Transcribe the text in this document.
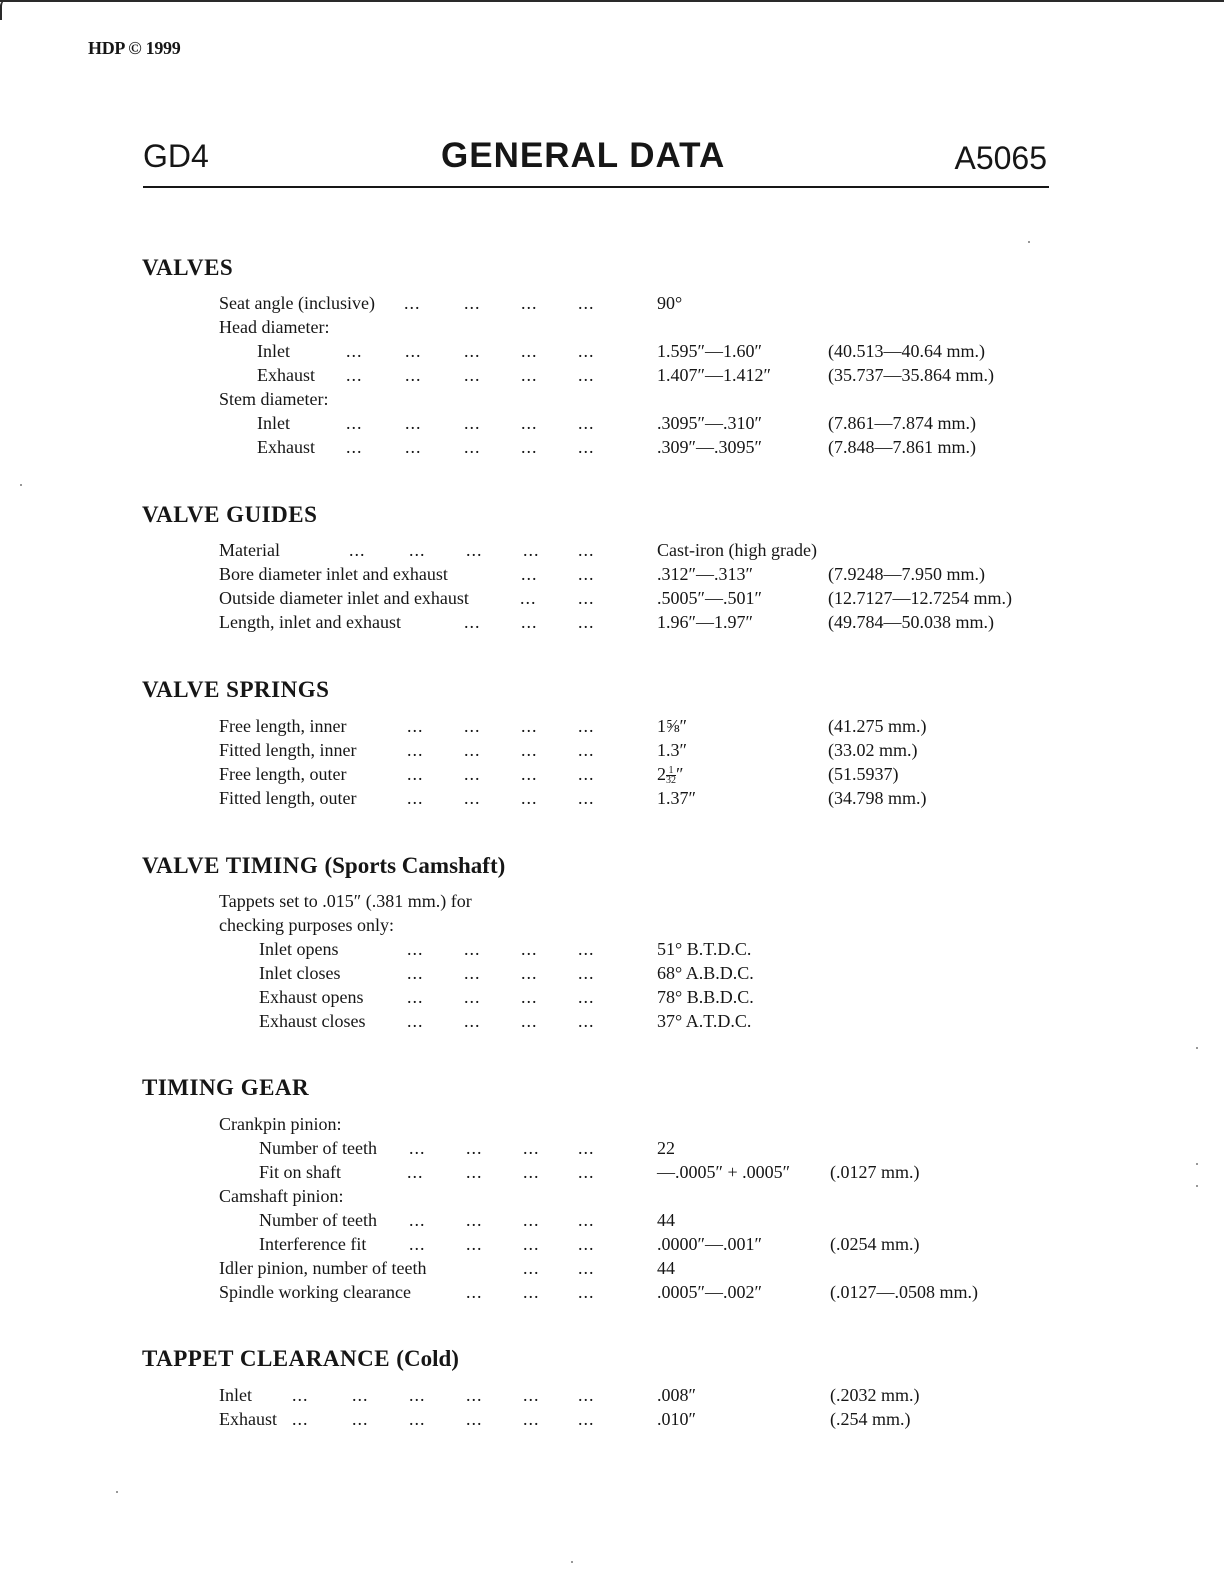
HDP © 1999
GD4	GENERAL DATA	A5065
VALVES
Seat angle (inclusive) ... ... ... ...	90°
Head diameter:
Inlet	... ... ... ... ...	1.595″—1.60″	(40.513—40.64 mm.)
Exhaust ... ... ... ... ...	1.407″—1.412″	(35.737—35.864 mm.)
Stem diameter:
Inlet	... ... ... ... ...	.3095″—.310″	(7.861—7.874 mm.)
Exhaust ... ... ... ... ...	.309″—.3095″	(7.848—7.861 mm.)
VALVE GUIDES
Material	... ... ... ... ...	Cast-iron (high grade)
Bore diameter inlet and exhaust	... ...	.312″—.313″	(7.9248—7.950 mm.)
Outside diameter inlet and exhaust	... ...	.5005″—.501″	(12.7127—12.7254 mm.)
Length, inlet and exhaust	... ... ...	1.96″—1.97″	(49.784—50.038 mm.)
VALVE SPRINGS
Free length, inner	... ... ... ...	1⅝″	(41.275 mm.)
Fitted length, inner	... ... ... ...	1.3″	(33.02 mm.)
Free length, outer	... ... ... ...	$2 \frac{1}{32}$ ″	(51.5937)
Fitted length, outer	... ... ... ...	1.37″	(34.798 mm.)
VALVE TIMING (Sports Camshaft)
Tappets set to .015″ (.381 mm.) for
checking purposes only:
Inlet opens	... ... ... ...	51° B.T.D.C.
Inlet closes	... ... ... ...	68° A.B.D.C.
Exhaust opens ... ... ... ...	78° B.B.D.C.
Exhaust closes ... ... ... ...	37° A.T.D.C.
TIMING GEAR
Crankpin pinion:
Number of teeth ... ... ... ...	22
Fit on shaft	... ... ... ...	—.0005″ + .0005″ (.0127 mm.)
Camshaft pinion:
Number of teeth ... ... ... ...	44
Interference fit ... ... ... ...	.0000″—.001″	(.0254 mm.)
Idler pinion, number of teeth	... ...	44
Spindle working clearance	... ... ...	.0005″—.002″	(.0127—.0508 mm.)
TAPPET CLEARANCE (Cold)
Inlet ... ... ... ... ... ...	.008″	(.2032 mm.)
Exhaust ... ... ... ... ... ...	.010″	(.254 mm.)
